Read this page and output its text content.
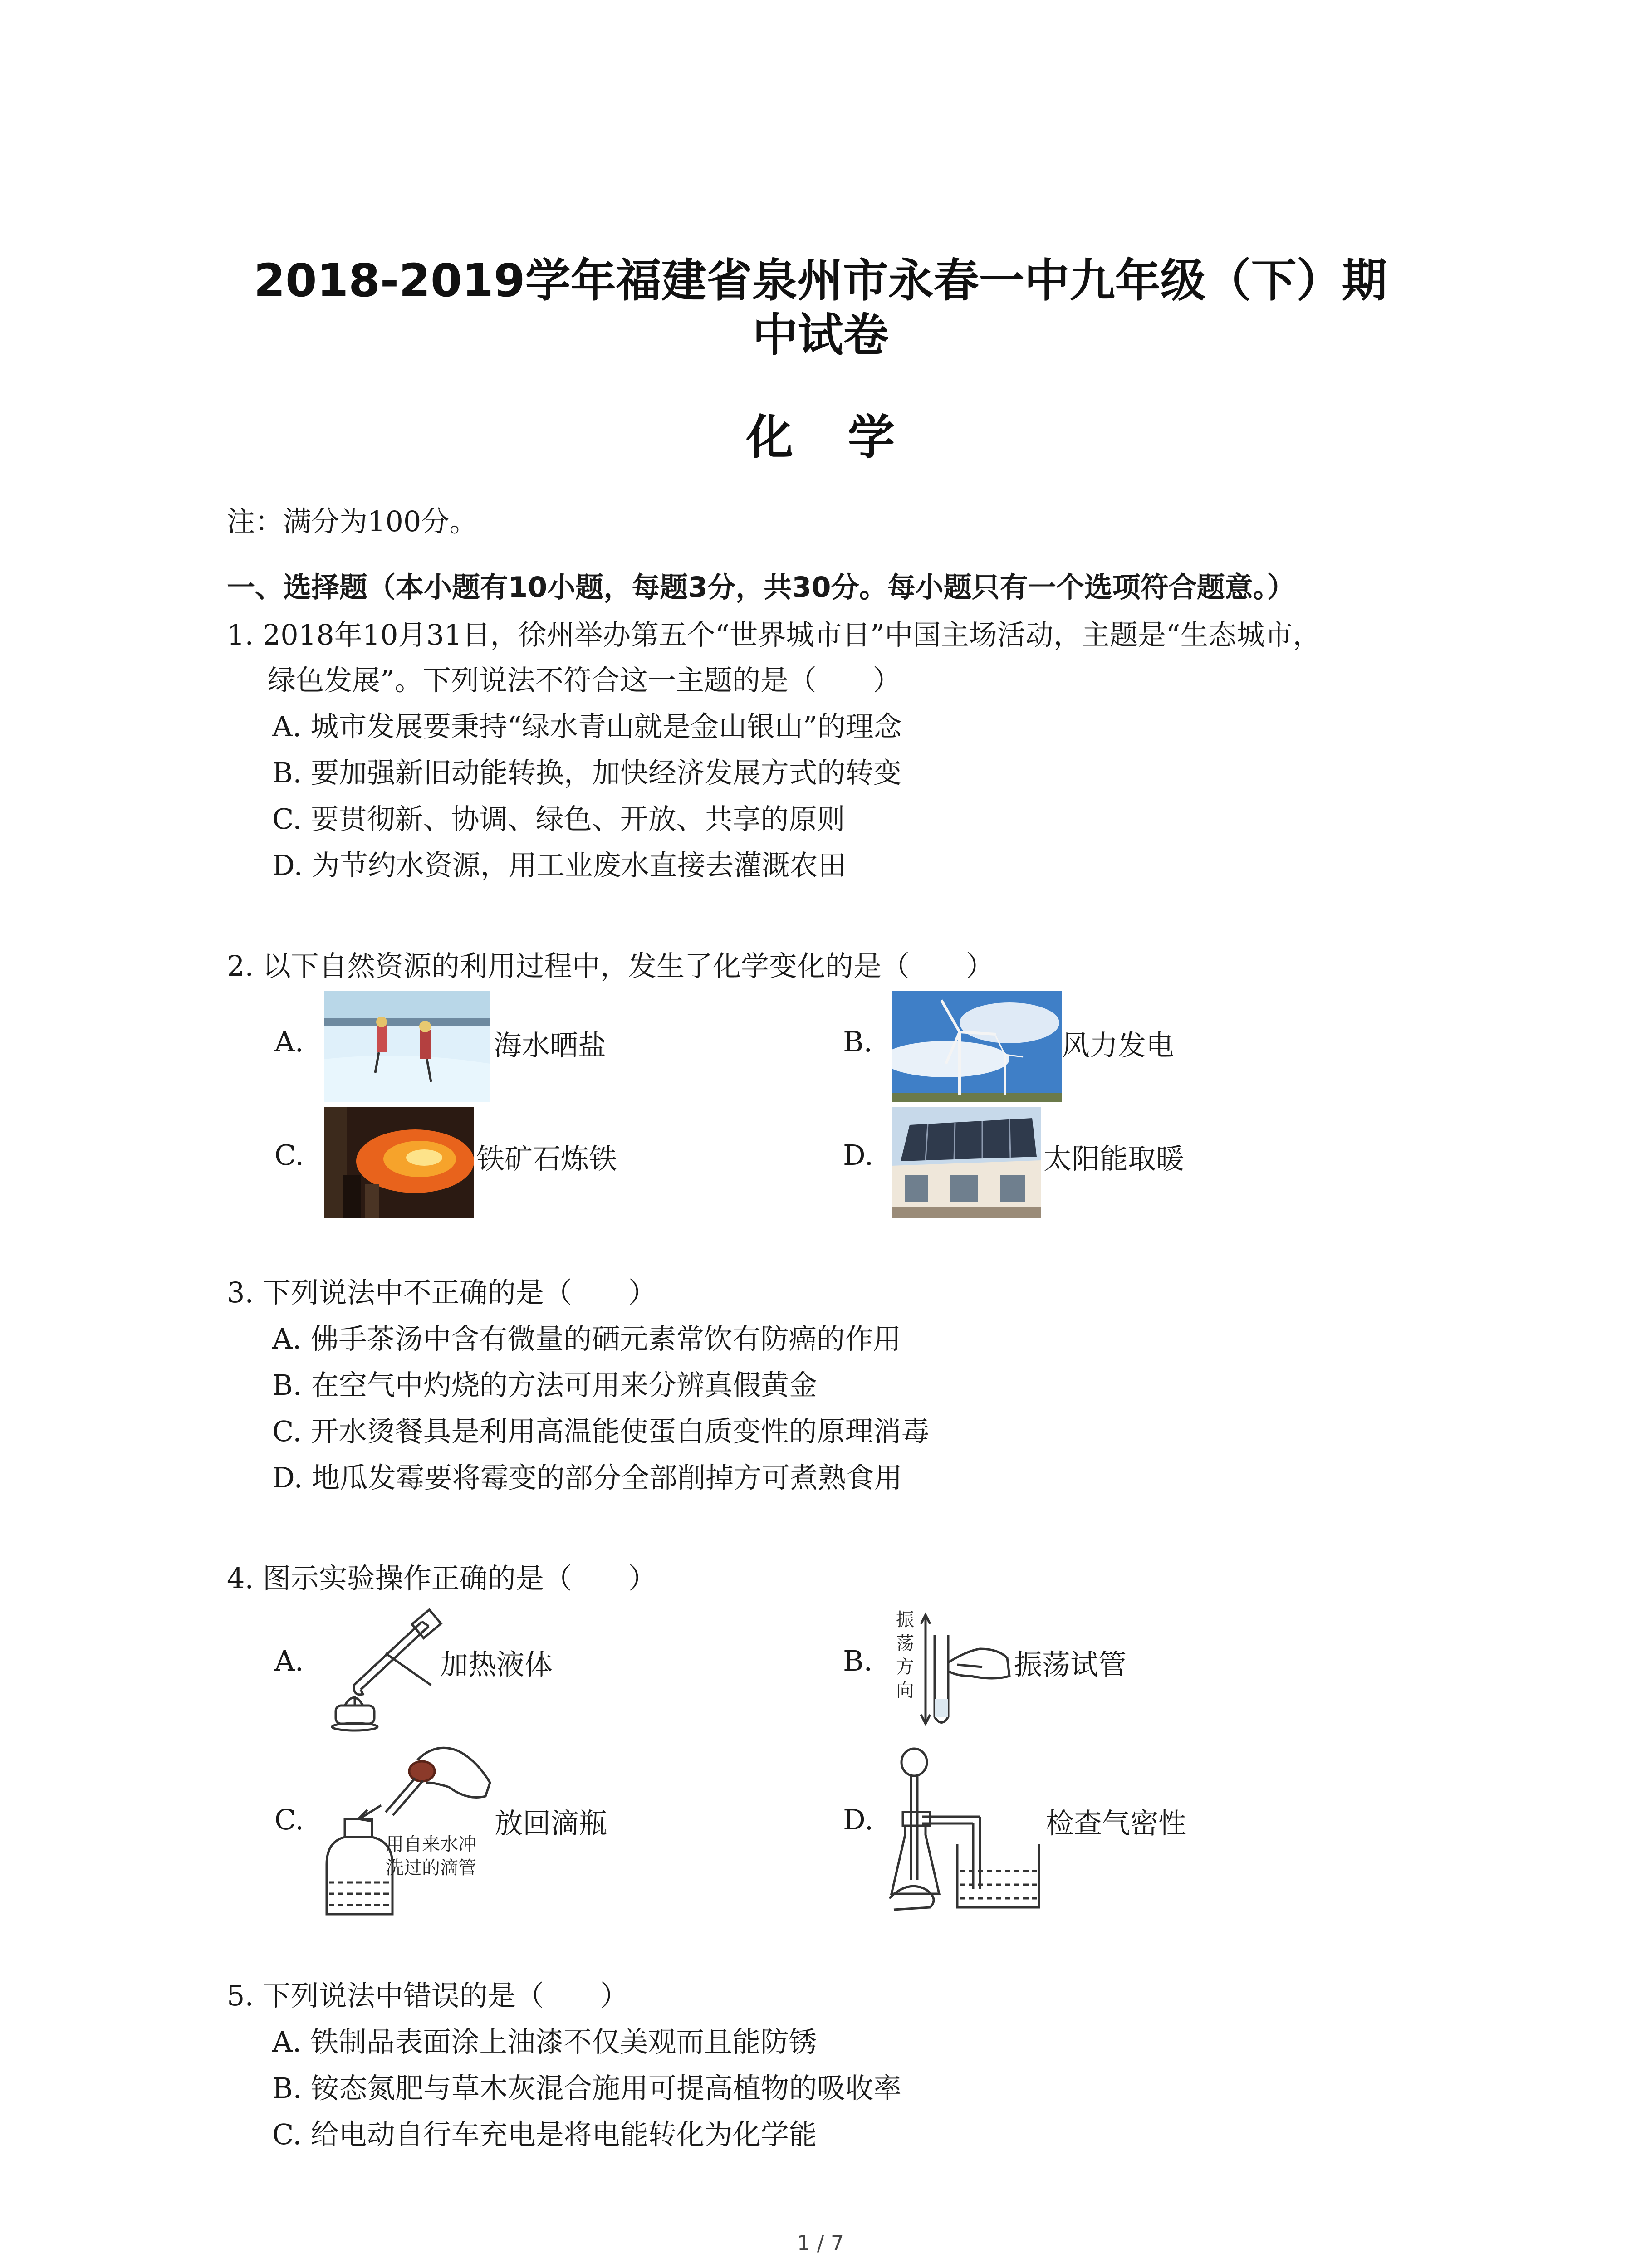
2018-2019学年福建省泉州市永春一中九年级（下）期
中试卷
化学
注：满分为100分。
一、选择题（本小题有10小题，每题3分，共30分。每小题只有一个选项符合题意。）
1. 2018年10月31日，徐州举办第五个“世界城市日”中国主场活动，主题是“生态城市，
绿色发展”。下列说法不符合这一主题的是（　　）
A. 城市发展要秉持“绿水青山就是金山银山”的理念
B. 要加强新旧动能转换，加快经济发展方式的转变
C. 要贯彻新、协调、绿色、开放、共享的原则
D. 为节约水资源，用工业废水直接去灌溉农田
2. 以下自然资源的利用过程中，发生了化学变化的是（　　）
A.	海水晒盐	B.	风力发电
C.	铁矿石炼铁	D.	太阳能取暖
3. 下列说法中不正确的是（　　）
A. 佛手茶汤中含有微量的硒元素常饮有防癌的作用
B. 在空气中灼烧的方法可用来分辨真假黄金
C. 开水烫餐具是利用高温能使蛋白质变性的原理消毒
D. 地瓜发霉要将霉变的部分全部削掉方可煮熟食用
4. 图示实验操作正确的是（　　）
A.	加热液体	B.
振
荡
方
向
振荡试管
C.
用自来水冲
洗过的滴管
放回滴瓶	D.	检查气密性
5. 下列说法中错误的是（　　）
A. 铁制品表面涂上油漆不仅美观而且能防锈
B. 铵态氮肥与草木灰混合施用可提高植物的吸收率
C. 给电动自行车充电是将电能转化为化学能
1 / 7
